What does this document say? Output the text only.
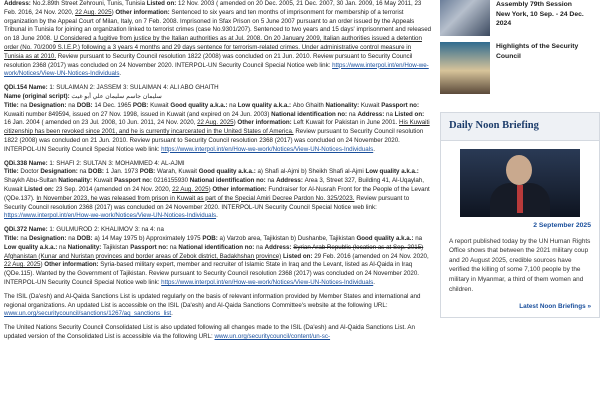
Address: No.2.89th Street Zehrouni, Tunis, Tunisia Listed on: 12 Nov. 2003 ( amended on 20 Dec. 2005, 21 Dec. 2007, 30 Jan. 2009, 16 May 2011, 23 Feb. 2016, 24 Nov. 2020, 22 Aug. 2025) Other information: Sentenced to six years and ten months of imprisonment for membership of a terrorist organization by the Appeal Court of Milan, Italy, on 7 Feb. 2008. Imprisoned in Sfax Prison on 5 June 2007 pursuant to an order issued by the Appeals Tribunal in Tunisia for joining an organization linked to terrorist crimes (case No.9301/207). Sentenced to two years and 15 days' imprisonment and released on 18 June 2008. U Considered a fugitive from justice by the Italian authorities as at Jul. 2008. On 20 January 2009, Italian authorities issued a detention order (No. 70/2009 S.I.E.P.) following a 3 years 4 months and 29 days sentence for terrorism-related crimes. Under administrative control measure in Tunisia as at 2010. Review pursuant to Security Council resolution 1822 (2008) was concluded on 21 Jun. 2010. Review pursuant to Security Council resolution 2368 (2017) was concluded on 24 November 2020. INTERPOL-UN Security Council Special Notice web link: https://www.interpol.int/en/How-we-work/Notices/View-UN-Notices-Individuals.
QDi.154 Name: 1: SULAIMAN 2: JASSEM 3: SULAIMAN 4: ALI ABO GHAITH
Name (original script): سليمان جاسم سليمان علي أبو غيث
Title: na Designation: na DOB: 14 Dec. 1965 POB: Kuwait Good quality a.k.a.: na Low quality a.k.a.: Abo Ghaith Nationality: Kuwait Passport no: Kuwaiti number 849594, issued on 27 Nov. 1998, issued in Kuwait (and expired on 24 Jun. 2003) National identification no: na Address: na Listed on: 16 Jan. 2004 ( amended on 23 Jul. 2008, 10 Jun. 2011, 24 Nov. 2020, 22 Aug. 2025) Other information: Left Kuwait for Pakistan in June 2001. His Kuwaiti citizenship has been revoked since 2001, and he is currently incarcerated in the United States of America. Review pursuant to Security Council resolution 1822 (2008) was concluded on 21 Jun. 2010. Review pursuant to Security Council resolution 2368 (2017) was concluded on 24 November 2020. INTERPOL-UN Security Council Special Notice web link: https://www.interpol.int/en/How-we-work/Notices/View-UN-Notices-Individuals.
QDi.338 Name: 1: SHAFI 2: SULTAN 3: MOHAMMED 4: AL-AJMI
Title: Doctor Designation: na DOB: 1 Jan. 1973 POB: Warah, Kuwait Good quality a.k.a.: a) Shafi al-Ajmi b) Sheikh Shafi al-Ajmi Low quality a.k.a.: Shaykh Abu-Sultan Nationality: Kuwait Passport no: 0216155930 National identification no: na Address: Area 3, Street 327, Building 41, Al-Uqaylah, Kuwait Listed on: 23 Sep. 2014 (amended on 24 Nov. 2020, 22 Aug. 2025) Other information: Fundraiser for Al-Nusrah Front for the People of the Levant (QDe.137). In November 2023, he was released from prison in Kuwait as part of the Special Amiri Decree Pardon No. 325/2023. Review pursuant to Security Council resolution 2368 (2017) was concluded on 24 November 2020. INTERPOL-UN Security Council Special Notice web link: https://www.interpol.int/en/How-we-work/Notices/View-UN-Notices-Individuals.
QDi.372 Name: 1: GULMUROD 2: KHALIMOV 3: na 4: na
Title: na Designation: na DOB: a) 14 May 1975 b) Approximately 1975 POB: a) Varzob area, Tajikistan b) Dushanbe, Tajikistan Good quality a.k.a.: na Low quality a.k.a.: na Nationality: Tajikistan Passport no: na National identification no: na Address: Syrian Arab Republic (location as at Sep. 2015) Afghanistan (Kunar and Nuristan provinces and border areas of Zebok district, Badakhshan province) Listed on: 29 Feb. 2016 (amended on 24 Nov. 2020, 22 Aug. 2025) Other information: Syria-based military expert, member and recruiter of Islamic State in Iraq and the Levant, listed as Al-Qaida in Iraq (QDe.115). Wanted by the Government of Tajikistan. Review pursuant to Security Council resolution 2368 (2017) was concluded on 24 November 2020. INTERPOL-UN Security Council Special Notice web link: https://www.interpol.int/en/How-we-work/Notices/View-UN-Notices-Individuals.
The ISIL (Da'esh) and Al-Qaida Sanctions List is updated regularly on the basis of relevant information provided by Member States and international and regional organizations. An updated List is accessible on the ISIL (Da'esh) and Al-Qaida Sanctions Committee's website at the following URL: www.un.org/securitycouncil/sanctions/1267/aq_sanctions_list.
The United Nations Security Council Consolidated List is also updated following all changes made to the ISIL (Da'esh) and Al-Qaida Sanctions List. An updated version of the Consolidated List is accessible via the following URL: www.un.org/securitycouncil/content/un-sc-
Assembly 79th Session
New York, 10 Sep. - 24 Dec. 2024
Highlights of the Security Council
Daily Noon Briefing
2 September 2025
A report published today by the UN Human Rights Office shows that between the 2021 military coup and 20 August 2025, credible sources have verified the killing of some 7,100 people by the military in Myanmar, a third of them women and children.
Latest Noon Briefings »
